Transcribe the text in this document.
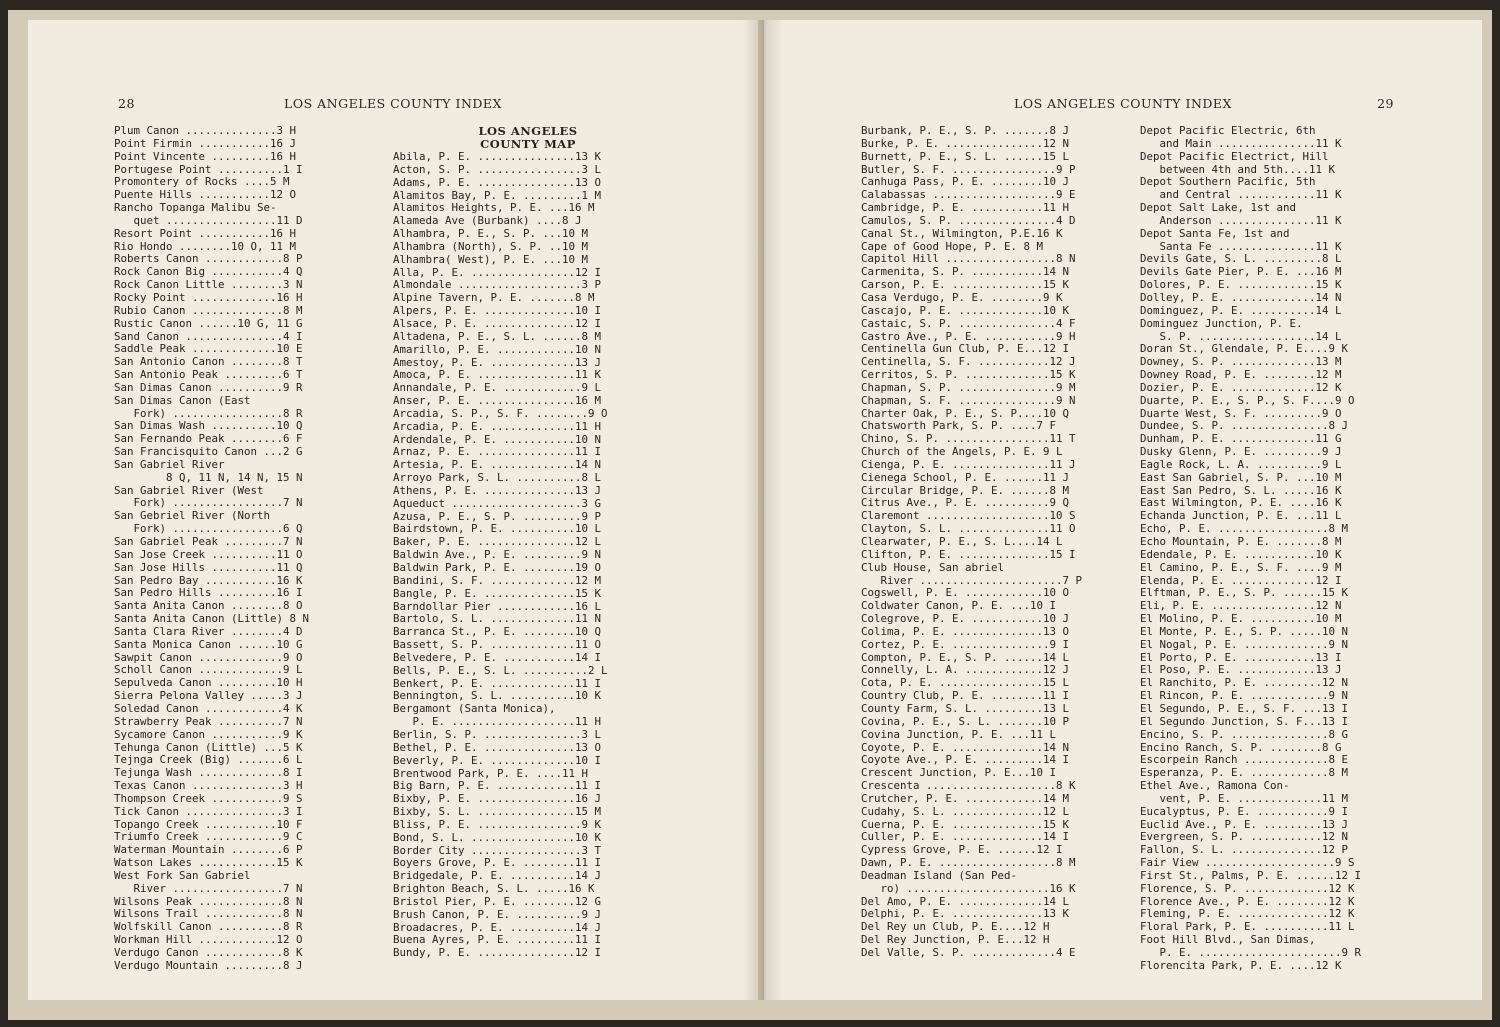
28	LOS ANGELES COUNTY INDEX
Plum Canon ..............3 H
Point Firmin ...........16 J
Point Vincente .........16 H
Portugese Point ..........1 I
Promontery of Rocks ....5 M
Puente Hills ...........12 O
Rancho Topanga Malibu Se-
quet .................11 D
Resort Point ...........16 H
Rio Hondo ........10 O, 11 M
Roberts Canon ............8 P
Rock Canon Big ...........4 Q
Rock Canon Little ........3 N
Rocky Point .............16 H
Rubio Canon ..............8 M
Rustic Canon ......10 G, 11 G
Sand Canon ...............4 I
Saddle Peak .............10 E
San Antonio Canon ........8 T
San Antonio Peak .........6 T
San Dimas Canon ..........9 R
San Dimas Canon (East
Fork) .................8 R
San Dimas Wash ..........10 Q
San Fernando Peak ........6 F
San Francisquito Canon ...2 G
San Gabriel River
8 Q, 11 N, 14 N, 15 N
San Gabriel River (West
Fork) .................7 N
San Gebriel River (North
Fork) .................6 Q
San Gabriel Peak .........7 N
San Jose Creek ..........11 O
San Jose Hills ..........11 Q
San Pedro Bay ...........16 K
San Pedro Hills .........16 I
Santa Anita Canon ........8 O
Santa Anita Canon (Little) 8 N
Santa Clara River ........4 D
Santa Monica Canon ......10 G
Sawpit Canon .............9 O
Scholl Canon .............9 L
Sepulveda Canon .........10 H
Sierra Pelona Valley .....3 J
Soledad Canon ............4 K
Strawberry Peak ..........7 N
Sycamore Canon ...........9 K
Tehunga Canon (Little) ...5 K
Tejnga Creek (Big) .......6 L
Tejunga Wash .............8 I
Texas Canon ..............3 H
Thompson Creek ...........9 S
Tick Canon ...............3 I
Topango Creek ...........10 F
Triumfo Creek ............9 C
Waterman Mountain ........6 P
Watson Lakes ............15 K
West Fork San Gabriel
River .................7 N
Wilsons Peak .............8 N
Wilsons Trail ............8 N
Wolfskill Canon ..........8 R
Workman Hill ............12 O
Verdugo Canon ............8 K
Verdugo Mountain .........8 J
LOS ANGELES
COUNTY MAP
Abila, P. E. ...............13 K
Acton, S. P. ................3 L
Adams, P. E. ...............13 O
Alamitos Bay, P. E. .........1 M
Alamitos Heights, P. E. ...16 M
Alameda Ave (Burbank) ....8 J
Alhambra, P. E., S. P. ...10 M
Alhambra (North), S. P. ..10 M
Alhambra( West), P. E. ...10 M
Alla, P. E. ................12 I
Almondale ...................3 P
Alpine Tavern, P. E. .......8 M
Alpers, P. E. ..............10 I
Alsace, P. E. ..............12 I
Altadena, P. E., S. L. ......8 M
Amarillo, P. E. ............10 N
Amestoy, P. E. .............13 J
Amoca, P. E. ...............11 K
Annandale, P. E. ............9 L
Anser, P. E. ...............16 M
Arcadia, S. P., S. F. ........9 O
Arcadia, P. E. .............11 H
Ardendale, P. E. ...........10 N
Arnaz, P. E. ...............11 I
Artesia, P. E. .............14 N
Arroyo Park, S. L. ..........8 L
Athens, P. E. ..............13 J
Aqueduct ....................3 G
Azusa, P. E., S. P. .........9 P
Bairdstown, P. E. ..........10 L
Baker, P. E. ...............12 L
Baldwin Ave., P. E. .........9 N
Baldwin Park, P. E. ........19 O
Bandini, S. F. .............12 M
Bangle, P. E. ..............15 K
Barndollar Pier ............16 L
Bartolo, S. L. .............11 N
Barranca St., P. E. ........10 Q
Bassett, S. P. .............11 O
Belvedere, P. E. ...........14 I
Bells, P. E., S. L. ..........2 L
Benkert, P. E. .............11 I
Bennington, S. L. ..........10 K
Bergamont (Santa Monica),
P. E. ...................11 H
Berlin, S. P. ...............3 L
Bethel, P. E. ..............13 O
Beverly, P. E. .............10 I
Brentwood Park, P. E. ....11 H
Big Barn, P. E. ............11 I
Bixby, P. E. ...............16 J
Bixby, S. L. ...............15 M
Bliss, P. E. ................9 K
Bond, S. L. ................10 K
Border City .................3 T
Boyers Grove, P. E. ........11 I
Bridgedale, P. E. ..........14 J
Brighton Beach, S. L. .....16 K
Bristol Pier, P. E. ........12 G
Brush Canon, P. E. ..........9 J
Broadacres, P. E. ..........14 J
Buena Ayres, P. E. .........11 I
Bundy, P. E. ...............12 I
LOS ANGELES COUNTY INDEX	29
Burbank, P. E., S. P. .......8 J
Burke, P. E. ...............12 N
Burnett, P. E., S. L. ......15 L
Butler, S. F. ................9 P
Canhuga Pass, P. E. ........10 J
Calabassas ...................9 E
Cambridge, P. E. ...........11 H
Camulos, S. P. ...............4 D
Canal St., Wilmington, P.E.16 K
Cape of Good Hope, P. E. 8 M
Capitol Hill .................8 N
Carmenita, S. P. ...........14 N
Carson, P. E. ..............15 K
Casa Verdugo, P. E. ........9 K
Cascajo, P. E. .............10 K
Castaic, S. P. ...............4 F
Castro Ave., P. E. ...........9 H
Centinella Gun Club, P. E...12 I
Centinella, S. F. ...........12 J
Cerritos, S. P. .............15 K
Chapman, S. P. ...............9 M
Chapman, S. F. ...............9 N
Charter Oak, P. E., S. P....10 Q
Chatsworth Park, S. P. ....7 F
Chino, S. P. ................11 T
Church of the Angels, P. E. 9 L
Cienga, P. E. ...............11 J
Cienega School, P. E. ......11 J
Circular Bridge, P. E. ......8 M
Citrus Ave., P. E. ..........9 Q
Claremont ...................10 S
Clayton, S. L. ..............11 O
Clearwater, P. E., S. L....14 L
Clifton, P. E. ..............15 I
Club House, San abriel
River ......................7 P
Cogswell, P. E. ............10 O
Coldwater Canon, P. E. ...10 I
Colegrove, P. E. ...........10 J
Colima, P. E. ..............13 O
Cortez, P. E. ...............9 I
Compton, P. E., S. P. ......14 L
Connelly, L. A. ............12 J
Cota, P. E. ................15 L
Country Club, P. E. ........11 I
County Farm, S. L. .........13 L
Covina, P. E., S. L. .......10 P
Covina Junction, P. E. ...11 L
Coyote, P. E. ..............14 N
Coyote Ave., P. E. .........14 I
Crescent Junction, P. E...10 I
Crescenta ....................8 K
Crutcher, P. E. ............14 M
Cudahy, S. L. ..............12 L
Cuerna, P. E. ..............15 K
Culler, P. E. ..............14 I
Cypress Grove, P. E. ......12 I
Dawn, P. E. ..................8 M
Deadman Island (San Ped-
ro) ......................16 K
Del Amo, P. E. .............14 L
Delphi, P. E. ..............13 K
Del Rey un Club, P. E....12 H
Del Rey Junction, P. E...12 H
Del Valle, S. P. .............4 E
Depot Pacific Electric, 6th
and Main ...............11 K
Depot Pacific Electrict, Hill
between 4th and 5th....11 K
Depot Southern Pacific, 5th
and Central ............11 K
Depot Salt Lake, 1st and
Anderson ...............11 K
Depot Santa Fe, 1st and
Santa Fe ...............11 K
Devils Gate, S. L. .........8 L
Devils Gate Pier, P. E. ...16 M
Dolores, P. E. ............15 K
Dolley, P. E. .............14 N
Dominguez, P. E. ..........14 L
Dominguez Junction, P. E.
S. P. ..................14 L
Doran St., Glendale, P. E....9 K
Downey, S. P. .............13 M
Downey Road, P. E. ........12 M
Dozier, P. E. .............12 K
Duarte, P. E., S. P., S. F....9 O
Duarte West, S. F. .........9 O
Dundee, S. P. ...............8 J
Dunham, P. E. .............11 G
Dusky Glenn, P. E. .........9 J
Eagle Rock, L. A. ..........9 L
East San Gabriel, S. P. ...10 M
East San Pedro, S. L. .....16 K
East Wilmington, P. E. ....16 K
Echanda Junction, P. E. ...11 L
Echo, P. E. .................8 M
Echo Mountain, P. E. .......8 M
Edendale, P. E. ...........10 K
El Camino, P. E., S. F. ....9 M
Elenda, P. E. .............12 I
Elftman, P. E., S. P. ......15 K
Eli, P. E. ................12 N
El Molino, P. E. ..........10 M
El Monte, P. E., S. P. .....10 N
El Nogal, P. E. .............9 N
El Porto, P. E. ...........13 I
El Poso, P. E. ............13 J
El Ranchito, P. E. .........12 N
El Rincon, P. E. ............9 N
El Segundo, P. E., S. F. ...13 I
El Segundo Junction, S. F...13 I
Encino, S. P. ...............8 G
Encino Ranch, S. P. ........8 G
Escorpein Ranch .............8 E
Esperanza, P. E. ............8 M
Ethel Ave., Ramona Con-
vent, P. E. .............11 M
Eucalyptus, P. E. ...........9 I
Euclid Ave., P. E. .........13 J
Evergreen, S. P. ...........12 N
Fallon, S. L. ..............12 P
Fair View ....................9 S
First St., Palms, P. E. ......12 I
Florence, S. P. .............12 K
Florence Ave., P. E. ........12 K
Fleming, P. E. ..............12 K
Floral Park, P. E. ..........11 L
Foot Hill Blvd., San Dimas,
P. E. ......................9 R
Florencita Park, P. E. ....12 K
